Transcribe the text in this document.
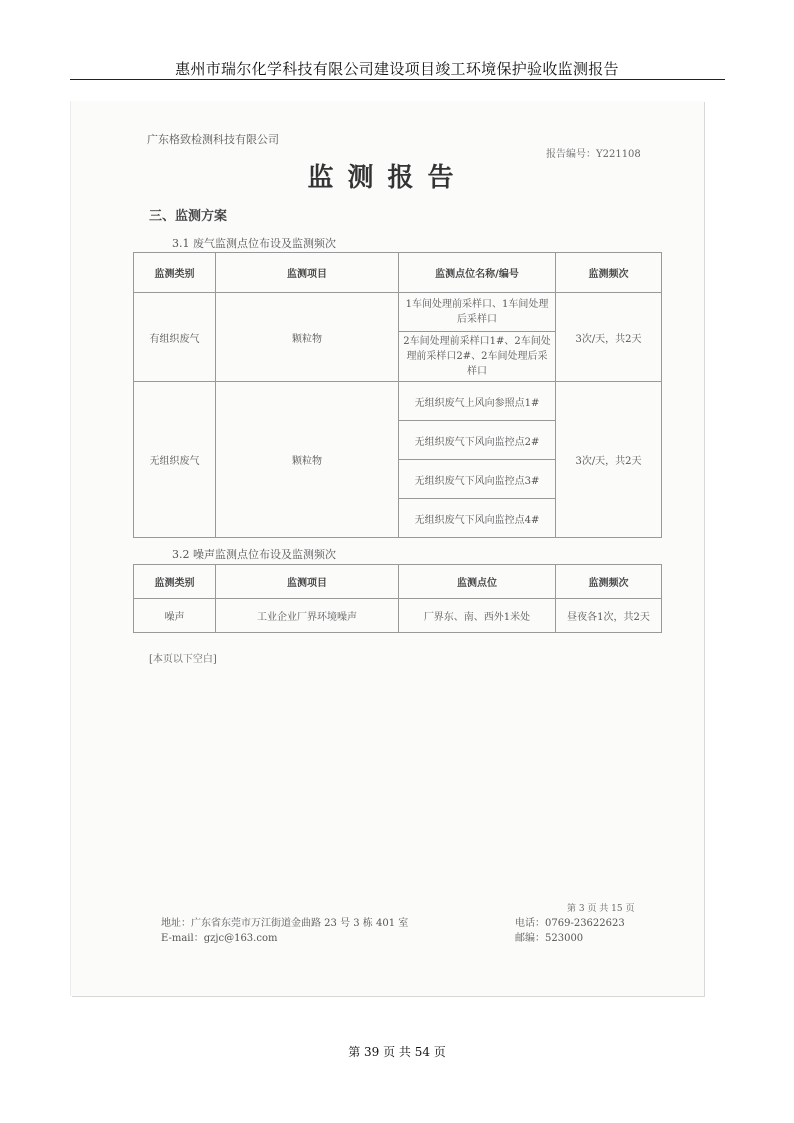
惠州市瑞尔化学科技有限公司建设项目竣工环境保护验收监测报告
广东格致检测科技有限公司
报告编号：Y221108
监测报告
三、监测方案
3.1 废气监测点位布设及监测频次
监测类别	监测项目	监测点位名称/编号	监测频次
有组织废气	颗粒物	1车间处理前采样口、1车间处理后采样口	3次/天，共2天
		2车间处理前采样口1#、2车间处理前采样口2#、2车间处理后采样口	
无组织废气	颗粒物	无组织废气上风向参照点1#	3次/天，共2天
		无组织废气下风向监控点2#	
		无组织废气下风向监控点3#	
		无组织废气下风向监控点4#	
3.2 噪声监测点位布设及监测频次
监测类别	监测项目	监测点位	监测频次
噪声	工业企业厂界环境噪声	厂界东、南、西外1米处	昼夜各1次，共2天
[本页以下空白]
第 3 页 共 15 页
地址：广东省东莞市万江街道金曲路 23 号 3 栋 401 室
E-mail：gzjc@163.com
电话：0769-23622623
邮编：523000
第 39 页 共 54 页
